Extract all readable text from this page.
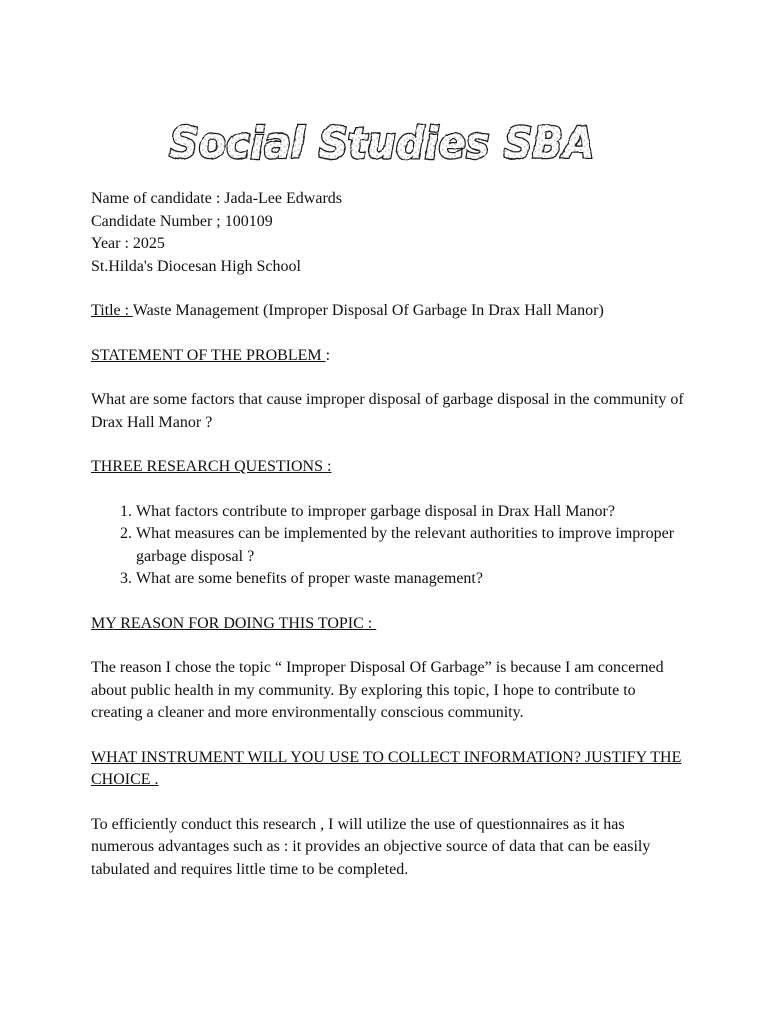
Social Studies SBA

Name of candidate : Jada-Lee Edwards

Candidate Number ; 100109

Year : 2025

St.Hilda's Diocesan High School

Title : Waste Management (Improper Disposal Of Garbage In Drax Hall Manor)

STATEMENT OF THE PROBLEM :

What are some factors that cause improper disposal of garbage disposal in the community of Drax Hall Manor ?

THREE RESEARCH QUESTIONS :

1. What factors contribute to improper garbage disposal in Drax Hall Manor?
2. What measures can be implemented by the relevant authorities to improve improper garbage disposal ?
3. What are some benefits of proper waste management?

MY REASON FOR DOING THIS TOPIC :

The reason I chose the topic “ Improper Disposal Of Garbage” is because I am concerned about public health in my community. By exploring this topic, I hope to contribute to creating a cleaner and more environmentally conscious community.

WHAT INSTRUMENT WILL YOU USE TO COLLECT INFORMATION? JUSTIFY THE CHOICE .

To efficiently conduct this research , I will utilize the use of questionnaires as it has numerous advantages such as : it provides an objective source of data that can be easily tabulated and requires little time to be completed.
